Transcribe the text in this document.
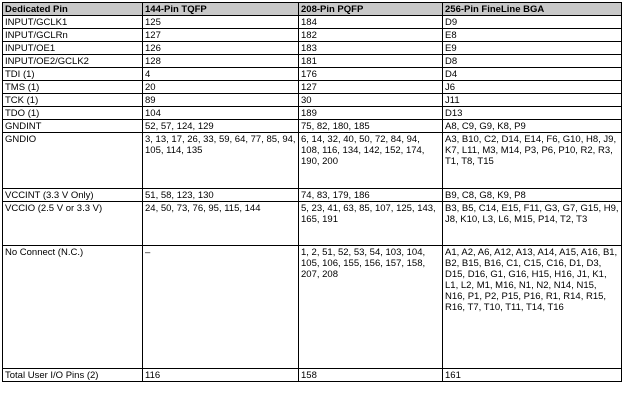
Dedicated Pin	144-Pin TQFP	208-Pin PQFP	256-Pin FineLine BGA
INPUT/GCLK1	125	184	D9
INPUT/GCLRn	127	182	E8
INPUT/OE1	126	183	E9
INPUT/OE2/GCLK2	128	181	D8
TDI (1)	4	176	D4
TMS (1)	20	127	J6
TCK (1)	89	30	J11
TDO (1)	104	189	D13
GNDINT	52, 57, 124, 129	75, 82, 180, 185	A8, C9, G9, K8, P9
GNDIO	3, 13, 17, 26, 33, 59, 64, 77, 85, 94, 105, 114, 135	6, 14, 32, 40, 50, 72, 84, 94, 108, 116, 134, 142, 152, 174, 190, 200	A3, B10, C2, D14, E14, F6, G10, H8, J9, K7, L11, M3, M14, P3, P6, P10, R2, R3, T1, T8, T15
VCCINT (3.3 V Only)	51, 58, 123, 130	74, 83, 179, 186	B9, C8, G8, K9, P8
VCCIO (2.5 V or 3.3 V)	24, 50, 73, 76, 95, 115, 144	5, 23, 41, 63, 85, 107, 125, 143, 165, 191	B3, B5, C14, E15, F11, G3, G7, G15, H9, J8, K10, L3, L6, M15, P14, T2, T3
No Connect (N.C.)	–	1, 2, 51, 52, 53, 54, 103, 104, 105, 106, 155, 156, 157, 158, 207, 208	A1, A2, A6, A12, A13, A14, A15, A16, B1, B2, B15, B16, C1, C15, C16, D1, D3, D15, D16, G1, G16, H15, H16, J1, K1, L1, L2, M1, M16, N1, N2, N14, N15, N16, P1, P2, P15, P16, R1, R14, R15, R16, T7, T10, T11, T14, T16
Total User I/O Pins (2)	116	158	161
